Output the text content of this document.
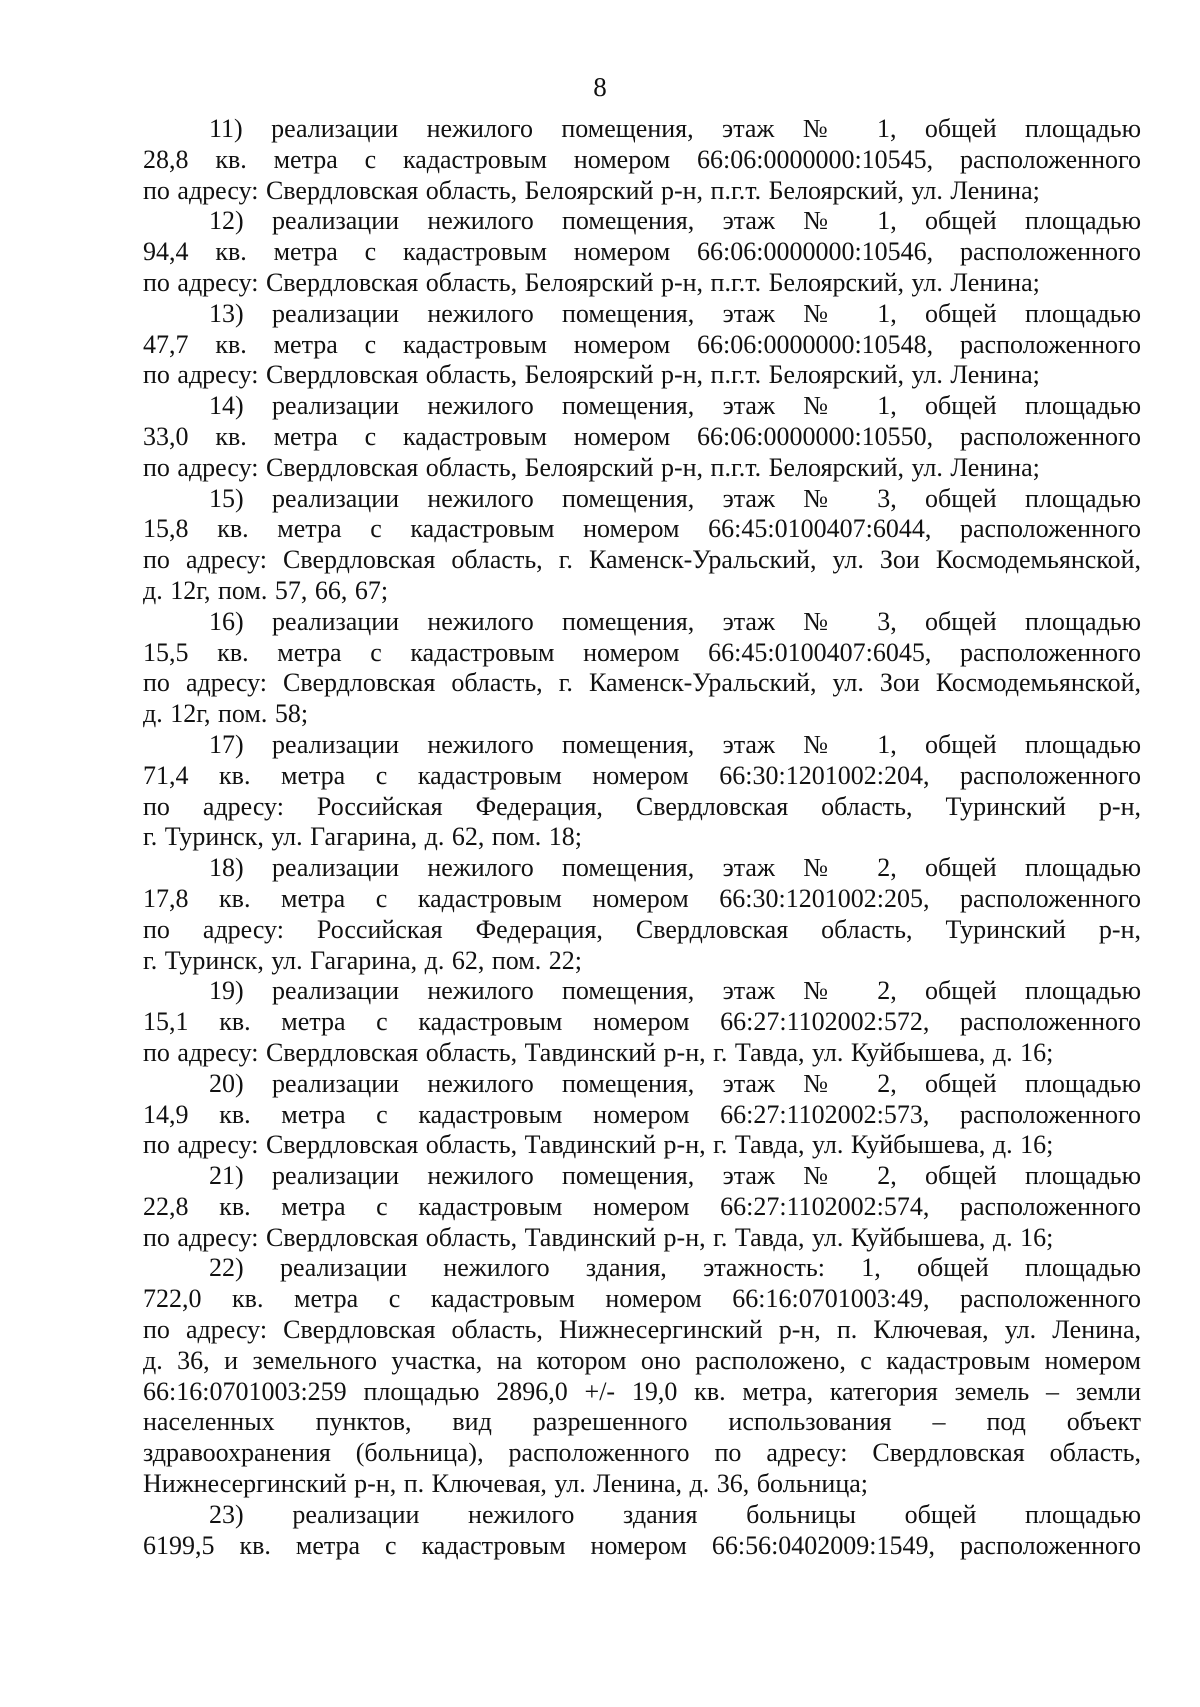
8
11) реализации нежилого помещения, этаж № 1, общей площадью
28,8 кв. метра с кадастровым номером 66:06:0000000:10545, расположенного
по адресу: Свердловская область, Белоярский р-н, п.г.т. Белоярский, ул. Ленина;
12) реализации нежилого помещения, этаж № 1, общей площадью
94,4 кв. метра с кадастровым номером 66:06:0000000:10546, расположенного
по адресу: Свердловская область, Белоярский р-н, п.г.т. Белоярский, ул. Ленина;
13) реализации нежилого помещения, этаж № 1, общей площадью
47,7 кв. метра с кадастровым номером 66:06:0000000:10548, расположенного
по адресу: Свердловская область, Белоярский р-н, п.г.т. Белоярский, ул. Ленина;
14) реализации нежилого помещения, этаж № 1, общей площадью
33,0 кв. метра с кадастровым номером 66:06:0000000:10550, расположенного
по адресу: Свердловская область, Белоярский р-н, п.г.т. Белоярский, ул. Ленина;
15) реализации нежилого помещения, этаж № 3, общей площадью
15,8 кв. метра с кадастровым номером 66:45:0100407:6044, расположенного
по адресу: Свердловская область, г. Каменск-Уральский, ул. Зои Космодемьянской,
д. 12г, пом. 57, 66, 67;
16) реализации нежилого помещения, этаж № 3, общей площадью
15,5 кв. метра с кадастровым номером 66:45:0100407:6045, расположенного
по адресу: Свердловская область, г. Каменск-Уральский, ул. Зои Космодемьянской,
д. 12г, пом. 58;
17) реализации нежилого помещения, этаж № 1, общей площадью
71,4 кв. метра с кадастровым номером 66:30:1201002:204, расположенного
по адресу: Российская Федерация, Свердловская область, Туринский р-н,
г. Туринск, ул. Гагарина, д. 62, пом. 18;
18) реализации нежилого помещения, этаж № 2, общей площадью
17,8 кв. метра с кадастровым номером 66:30:1201002:205, расположенного
по адресу: Российская Федерация, Свердловская область, Туринский р-н,
г. Туринск, ул. Гагарина, д. 62, пом. 22;
19) реализации нежилого помещения, этаж № 2, общей площадью
15,1 кв. метра с кадастровым номером 66:27:1102002:572, расположенного
по адресу: Свердловская область, Тавдинский р-н, г. Тавда, ул. Куйбышева, д. 16;
20) реализации нежилого помещения, этаж № 2, общей площадью
14,9 кв. метра с кадастровым номером 66:27:1102002:573, расположенного
по адресу: Свердловская область, Тавдинский р-н, г. Тавда, ул. Куйбышева, д. 16;
21) реализации нежилого помещения, этаж № 2, общей площадью
22,8 кв. метра с кадастровым номером 66:27:1102002:574, расположенного
по адресу: Свердловская область, Тавдинский р-н, г. Тавда, ул. Куйбышева, д. 16;
22) реализации нежилого здания, этажность: 1, общей площадью
722,0 кв. метра с кадастровым номером 66:16:0701003:49, расположенного
по адресу: Свердловская область, Нижнесергинский р-н, п. Ключевая, ул. Ленина,
д. 36, и земельного участка, на котором оно расположено, с кадастровым номером
66:16:0701003:259 площадью 2896,0 +/- 19,0 кв. метра, категория земель – земли
населенных пунктов, вид разрешенного использования – под объект
здравоохранения (больница), расположенного по адресу: Свердловская область,
Нижнесергинский р-н, п. Ключевая, ул. Ленина, д. 36, больница;
23) реализации нежилого здания больницы общей площадью
6199,5 кв. метра с кадастровым номером 66:56:0402009:1549, расположенного
